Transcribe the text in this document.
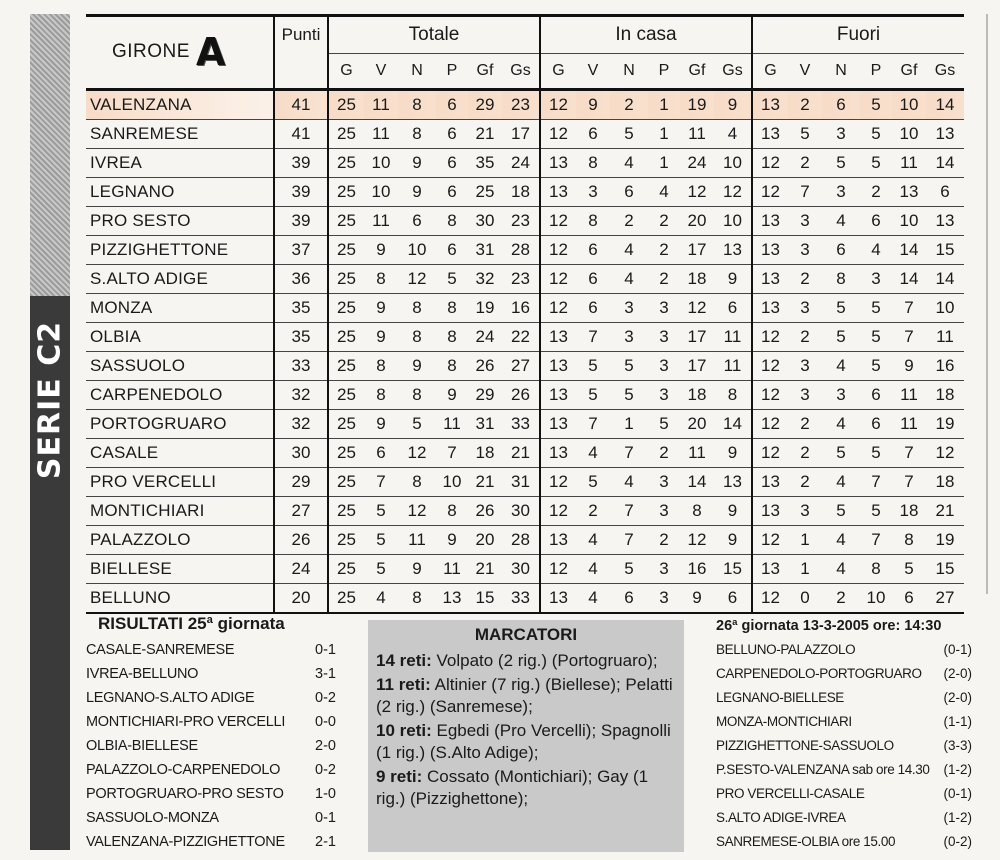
SERIE C2
GIRONE A	Punti	Totale						In casa						Fuori					
		G	V	N	P	Gf	Gs	G	V	N	P	Gf	Gs	G	V	N	P	Gf	Gs
VALENZANA	41	25	11	8	6	29	23	12	9	2	1	19	9	13	2	6	5	10	14
SANREMESE	41	25	11	8	6	21	17	12	6	5	1	11	4	13	5	3	5	10	13
IVREA	39	25	10	9	6	35	24	13	8	4	1	24	10	12	2	5	5	11	14
LEGNANO	39	25	10	9	6	25	18	13	3	6	4	12	12	12	7	3	2	13	6
PRO SESTO	39	25	11	6	8	30	23	12	8	2	2	20	10	13	3	4	6	10	13
PIZZIGHETTONE	37	25	9	10	6	31	28	12	6	4	2	17	13	13	3	6	4	14	15
S.ALTO ADIGE	36	25	8	12	5	32	23	12	6	4	2	18	9	13	2	8	3	14	14
MONZA	35	25	9	8	8	19	16	12	6	3	3	12	6	13	3	5	5	7	10
OLBIA	35	25	9	8	8	24	22	13	7	3	3	17	11	12	2	5	5	7	11
SASSUOLO	33	25	8	9	8	26	27	13	5	5	3	17	11	12	3	4	5	9	16
CARPENEDOLO	32	25	8	8	9	29	26	13	5	5	3	18	8	12	3	3	6	11	18
PORTOGRUARO	32	25	9	5	11	31	33	13	7	1	5	20	14	12	2	4	6	11	19
CASALE	30	25	6	12	7	18	21	13	4	7	2	11	9	12	2	5	5	7	12
PRO VERCELLI	29	25	7	8	10	21	31	12	5	4	3	14	13	13	2	4	7	7	18
MONTICHIARI	27	25	5	12	8	26	30	12	2	7	3	8	9	13	3	5	5	18	21
PALAZZOLO	26	25	5	11	9	20	28	13	4	7	2	12	9	12	1	4	7	8	19
BIELLESE	24	25	5	9	11	21	30	12	4	5	3	16	15	13	1	4	8	5	15
BELLUNO	20	25	4	8	13	15	33	13	4	6	3	9	6	12	0	2	10	6	27
RISULTATI 25ª giornata
CASALE-SANREMESE	0-1
IVREA-BELLUNO	3-1
LEGNANO-S.ALTO ADIGE	0-2
MONTICHIARI-PRO VERCELLI 0-0
OLBIA-BIELLESE	2-0
PALAZZOLO-CARPENEDOLO 0-2
PORTOGRUARO-PRO SESTO 1-0
SASSUOLO-MONZA	0-1
VALENZANA-PIZZIGHETTONE 2-1
MARCATORI
14 reti: Volpato (2 rig.) (Portogruaro);
11 reti: Altinier (7 rig.) (Biellese); Pelatti (2 rig.) (Sanremese);
10 reti: Egbedi (Pro Vercelli); Spagnolli (1 rig.) (S.Alto Adige);
9 reti: Cossato (Montichiari); Gay (1 rig.) (Pizzighettone);
26ª giornata 13-3-2005 ore: 14:30
BELLUNO-PALAZZOLO	(0-1)
CARPENEDOLO-PORTOGRUARO (2-0)
LEGNANO-BIELLESE	(2-0)
MONZA-MONTICHIARI	(1-1)
PIZZIGHETTONE-SASSUOLO	(3-3)
P.SESTO-VALENZANA sab ore 14.30 (1-2)
PRO VERCELLI-CASALE	(0-1)
S.ALTO ADIGE-IVREA	(1-2)
SANREMESE-OLBIA ore 15.00	(0-2)
